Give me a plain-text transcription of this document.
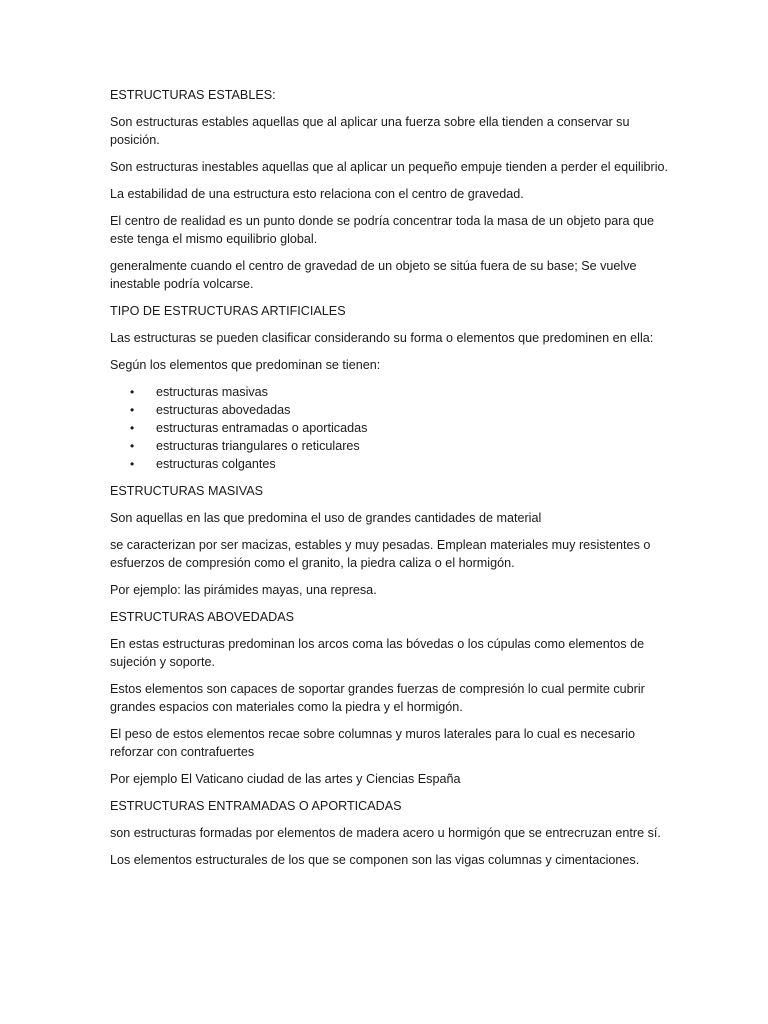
ESTRUCTURAS ESTABLES:

Son estructuras estables aquellas que al aplicar una fuerza sobre ella tienden a conservar su posición.

Son estructuras inestables aquellas que al aplicar un pequeño empuje tienden a perder el equilibrio.

La estabilidad de una estructura esto relaciona con el centro de gravedad.

El centro de realidad es un punto donde se podría concentrar toda la masa de un objeto para que este tenga el mismo equilibrio global.

generalmente cuando el centro de gravedad de un objeto se sitúa fuera de su base; Se vuelve inestable podría volcarse.

TIPO DE ESTRUCTURAS ARTIFICIALES

Las estructuras se pueden clasificar considerando su forma o elementos que predominen en ella:

Según los elementos que predominan se tienen:

• estructuras masivas
• estructuras abovedadas
• estructuras entramadas o aporticadas
• estructuras triangulares o reticulares
• estructuras colgantes

ESTRUCTURAS MASIVAS

Son aquellas en las que predomina el uso de grandes cantidades de material

se caracterizan por ser macizas, estables y muy pesadas. Emplean materiales muy resistentes o esfuerzos de compresión como el granito, la piedra caliza o el hormigón.

Por ejemplo: las pirámides mayas, una represa.

ESTRUCTURAS ABOVEDADAS

En estas estructuras predominan los arcos coma las bóvedas o los cúpulas como elementos de sujeción y soporte.

Estos elementos son capaces de soportar grandes fuerzas de compresión lo cual permite cubrir grandes espacios con materiales como la piedra y el hormigón.

El peso de estos elementos recae sobre columnas y muros laterales para lo cual es necesario reforzar con contrafuertes

Por ejemplo El Vaticano ciudad de las artes y Ciencias España

ESTRUCTURAS ENTRAMADAS O APORTICADAS

son estructuras formadas por elementos de madera acero u hormigón que se entrecruzan entre sí.

Los elementos estructurales de los que se componen son las vigas columnas y cimentaciones.
